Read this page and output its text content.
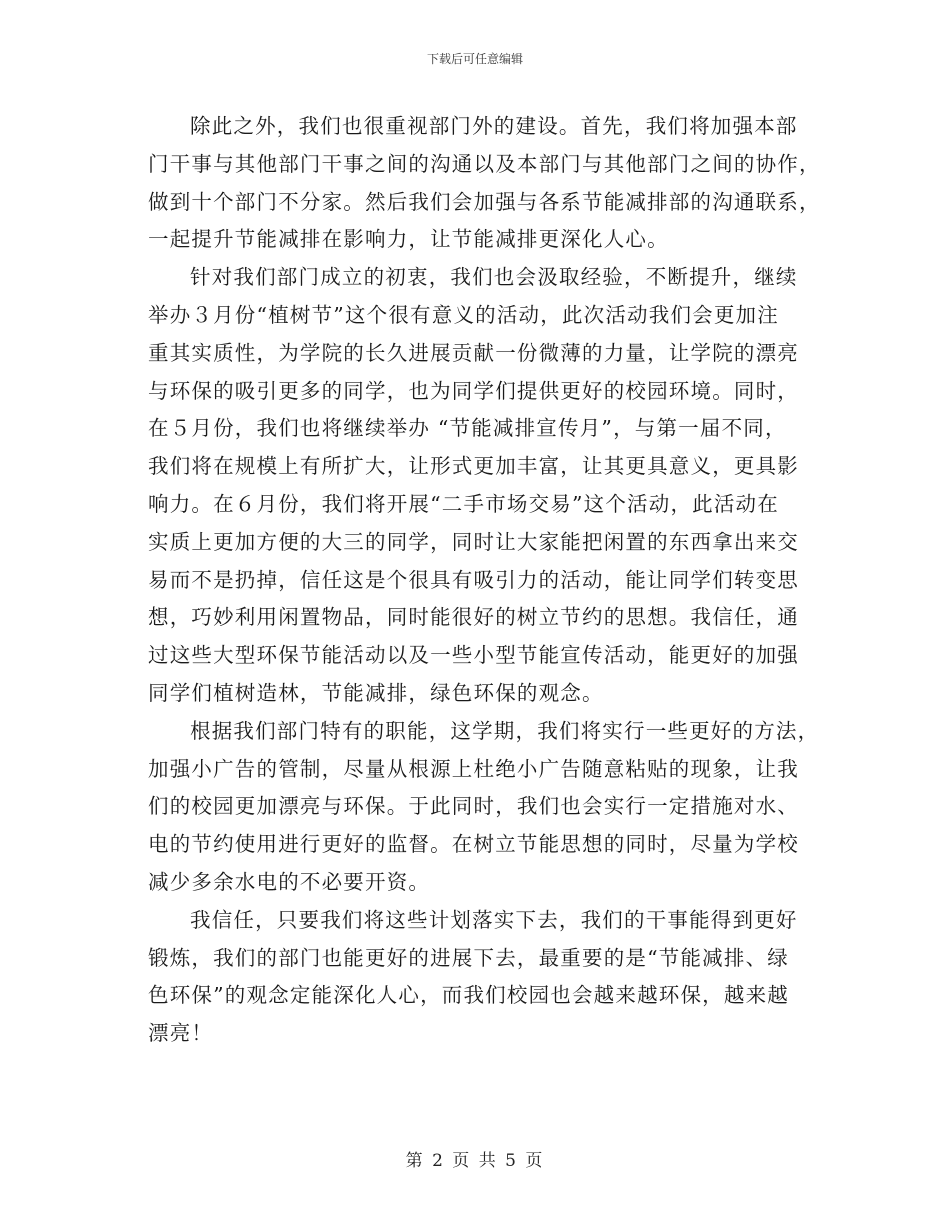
下载后可任意编辑
除此之外，我们也很重视部门外的建设。首先，我们将加强本部
门干事与其他部门干事之间的沟通以及本部门与其他部门之间的协作，
做到十个部门不分家。然后我们会加强与各系节能减排部的沟通联系，
一起提升节能减排在影响力，让节能减排更深化人心。
针对我们部门成立的初衷，我们也会汲取经验，不断提升，继续
举办３月份“植树节”这个很有意义的活动，此次活动我们会更加注
重其实质性，为学院的长久进展贡献一份微薄的力量，让学院的漂亮
与环保的吸引更多的同学，也为同学们提供更好的校园环境。同时，
在５月份，我们也将继续举办 “节能减排宣传月”，与第一届不同，
我们将在规模上有所扩大，让形式更加丰富，让其更具意义，更具影
响力。在６月份，我们将开展“二手市场交易”这个活动，此活动在
实质上更加方便的大三的同学，同时让大家能把闲置的东西拿出来交
易而不是扔掉，信任这是个很具有吸引力的活动，能让同学们转变思
想，巧妙利用闲置物品，同时能很好的树立节约的思想。我信任，通
过这些大型环保节能活动以及一些小型节能宣传活动，能更好的加强
同学们植树造林，节能减排，绿色环保的观念。
根据我们部门特有的职能，这学期，我们将实行一些更好的方法，
加强小广告的管制，尽量从根源上杜绝小广告随意粘贴的现象，让我
们的校园更加漂亮与环保。于此同时，我们也会实行一定措施对水、
电的节约使用进行更好的监督。在树立节能思想的同时，尽量为学校
减少多余水电的不必要开资。
我信任，只要我们将这些计划落实下去，我们的干事能得到更好
锻炼，我们的部门也能更好的进展下去，最重要的是“节能减排、绿
色环保”的观念定能深化人心，而我们校园也会越来越环保，越来越
漂亮！
第 2 页 共 5 页
